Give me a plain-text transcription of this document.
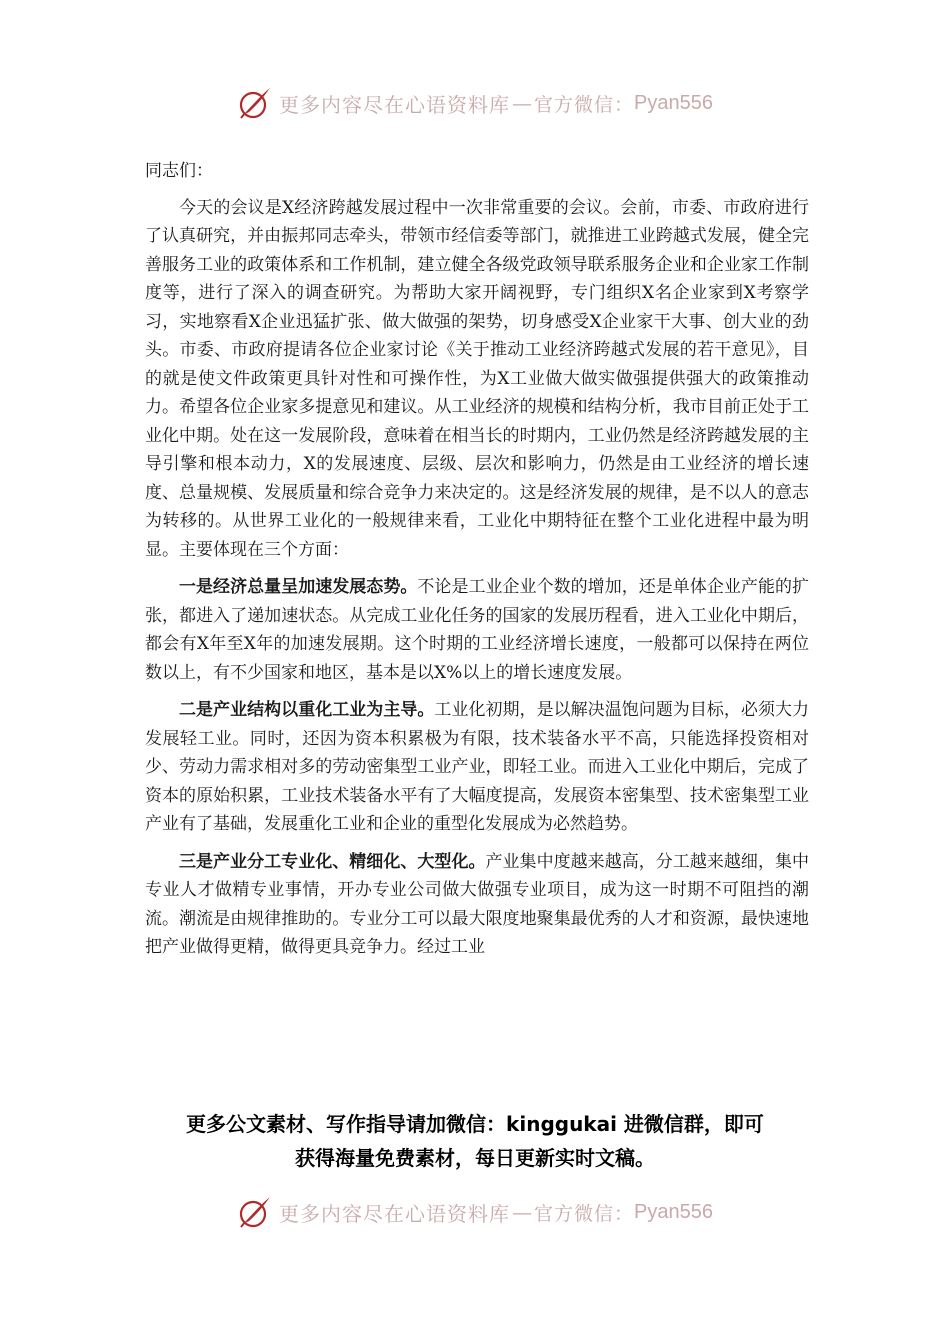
更多内容尽在心语资料库 — 官方微信： Pyan556

同志们：

今天的会议是X经济跨越发展过程中一次非常重要的会议。会前，市委、市政府进行了认真研究，并由振邦同志牵头，带领市经信委等部门，就推进工业跨越式发展，健全完善服务工业的政策体系和工作机制，建立健全各级党政领导联系服务企业和企业家工作制度等，进行了深入的调查研究。为帮助大家开阔视野，专门组织X名企业家到X考察学习，实地察看X企业迅猛扩张、做大做强的架势，切身感受X企业家干大事、创大业的劲头。市委、市政府提请各位企业家讨论《关于推动工业经济跨越式发展的若干意见》，目的就是使文件政策更具针对性和可操作性，为X工业做大做实做强提供强大的政策推动力。希望各位企业家多提意见和建议。从工业经济的规模和结构分析，我市目前正处于工业化中期。处在这一发展阶段，意味着在相当长的时期内，工业仍然是经济跨越发展的主导引擎和根本动力，X的发展速度、层级、层次和影响力，仍然是由工业经济的增长速度、总量规模、发展质量和综合竞争力来决定的。这是经济发展的规律，是不以人的意志为转移的。从世界工业化的一般规律来看，工业化中期特征在整个工业化进程中最为明显。主要体现在三个方面：

一是经济总量呈加速发展态势。不论是工业企业个数的增加，还是单体企业产能的扩张，都进入了递加速状态。从完成工业化任务的国家的发展历程看，进入工业化中期后，都会有X年至X年的加速发展期。这个时期的工业经济增长速度，一般都可以保持在两位数以上，有不少国家和地区，基本是以X%以上的增长速度发展。

二是产业结构以重化工业为主导。工业化初期，是以解决温饱问题为目标，必须大力发展轻工业。同时，还因为资本积累极为有限，技术装备水平不高，只能选择投资相对少、劳动力需求相对多的劳动密集型工业产业，即轻工业。而进入工业化中期后，完成了资本的原始积累，工业技术装备水平有了大幅度提高，发展资本密集型、技术密集型工业产业有了基础，发展重化工业和企业的重型化发展成为必然趋势。

三是产业分工专业化、精细化、大型化。产业集中度越来越高，分工越来越细，集中专业人才做精专业事情，开办专业公司做大做强专业项目，成为这一时期不可阻挡的潮流。潮流是由规律推助的。专业分工可以最大限度地聚集最优秀的人才和资源，最快速地把产业做得更精，做得更具竞争力。经过工业

更多公文素材、写作指导请加微信：kinggukai 进微信群，即可
获得海量免费素材，每日更新实时文稿。
更多内容尽在心语资料库 — 官方微信： Pyan556
